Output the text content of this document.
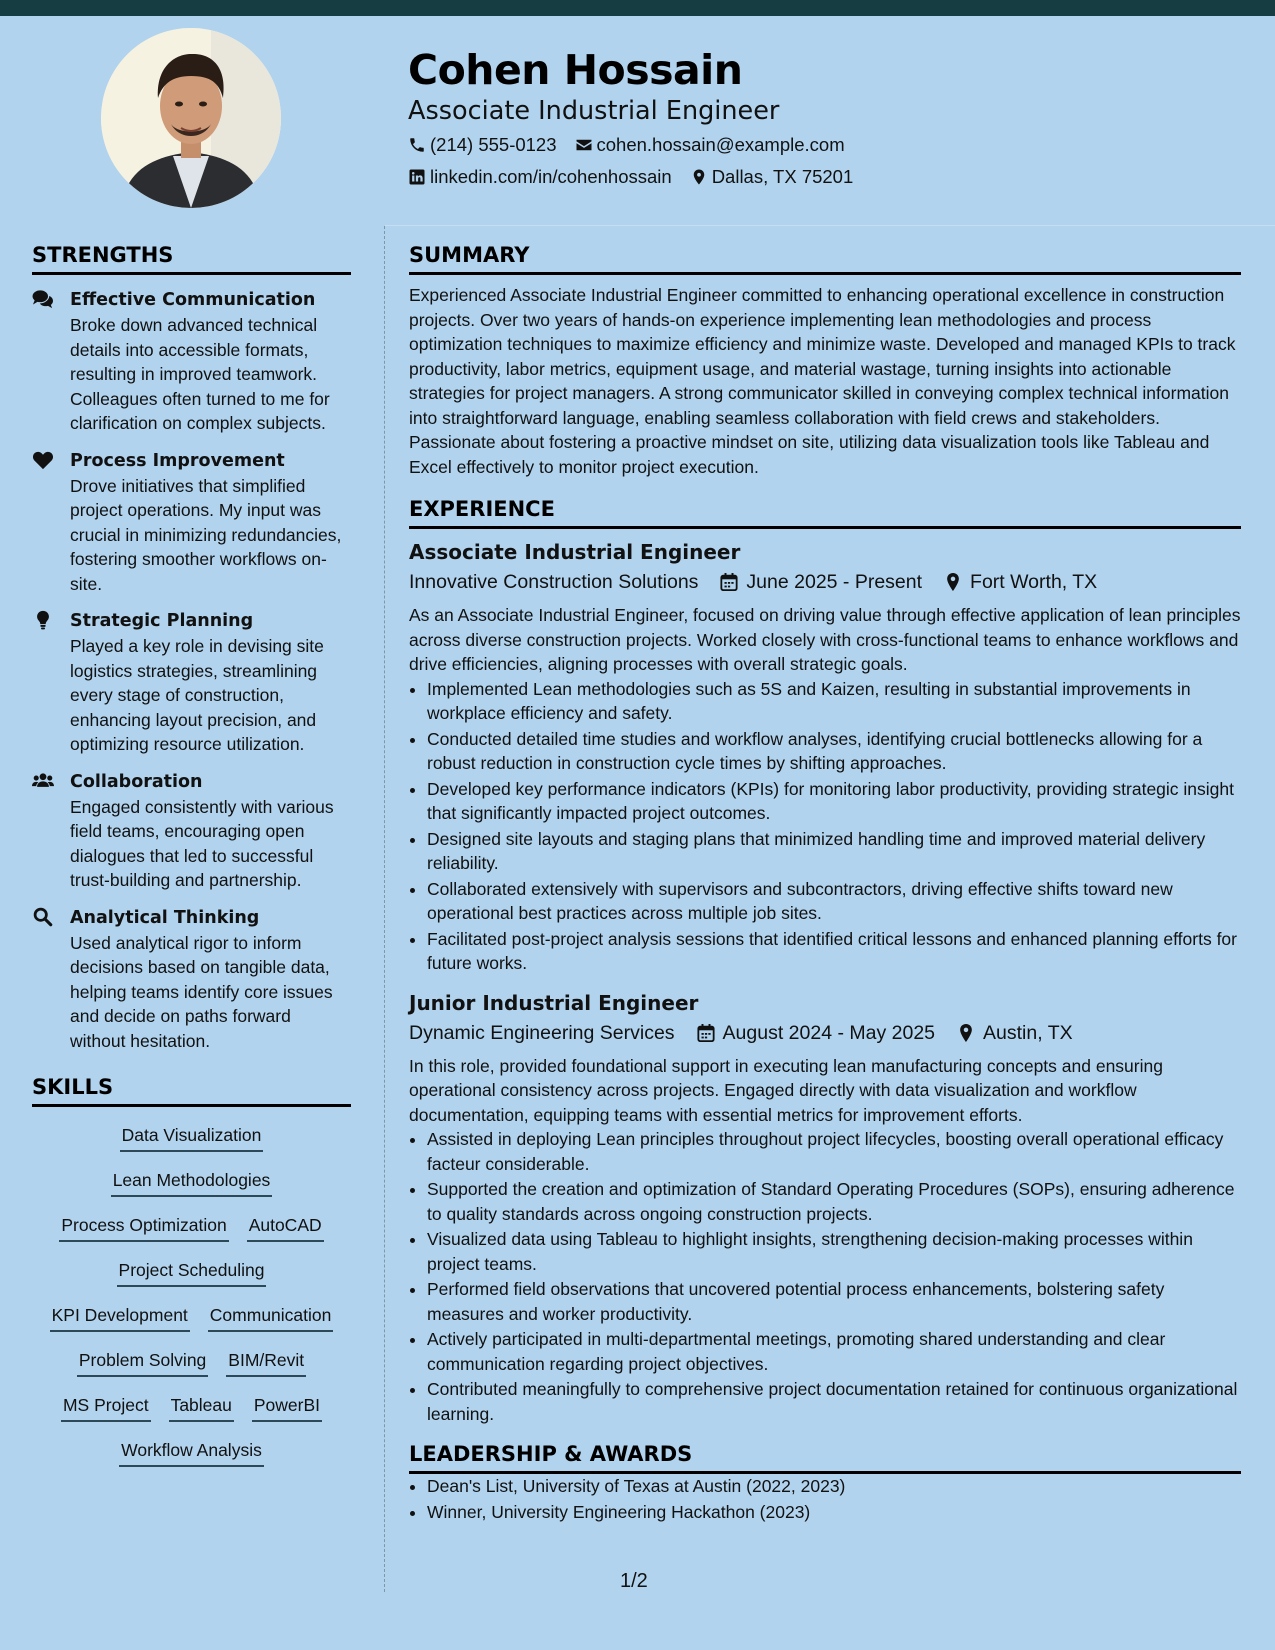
Cohen Hossain
Associate Industrial Engineer
(214) 555-0123 cohen.hossain@example.com
linkedin.com/in/cohenhossain Dallas, TX 75201
STRENGTHS
Effective Communication
Broke down advanced technical details into accessible formats, resulting in improved teamwork. Colleagues often turned to me for clarification on complex subjects.
Process Improvement
Drove initiatives that simplified project operations. My input was crucial in minimizing redundancies, fostering smoother workflows on-site.
Strategic Planning
Played a key role in devising site logistics strategies, streamlining every stage of construction, enhancing layout precision, and optimizing resource utilization.
Collaboration
Engaged consistently with various field teams, encouraging open dialogues that led to successful trust-building and partnership.
Analytical Thinking
Used analytical rigor to inform decisions based on tangible data, helping teams identify core issues and decide on paths forward without hesitation.
SKILLS
Data Visualization
Lean Methodologies
Process Optimization AutoCAD
Project Scheduling
KPI Development Communication
Problem Solving BIM/Revit
MS Project Tableau PowerBI
Workflow Analysis
SUMMARY

Experienced Associate Industrial Engineer committed to enhancing operational excellence in construction projects. Over two years of hands-on experience implementing lean methodologies and process optimization techniques to maximize efficiency and minimize waste. Developed and managed KPIs to track productivity, labor metrics, equipment usage, and material wastage, turning insights into actionable strategies for project managers. A strong communicator skilled in conveying complex technical information into straightforward language, enabling seamless collaboration with field crews and stakeholders. Passionate about fostering a proactive mindset on site, utilizing data visualization tools like Tableau and Excel effectively to monitor project execution.

EXPERIENCE
Associate Industrial Engineer
Innovative Construction Solutions June 2025 - Present Fort Worth, TX

As an Associate Industrial Engineer, focused on driving value through effective application of lean principles across diverse construction projects. Worked closely with cross-functional teams to enhance workflows and drive efficiencies, aligning processes with overall strategic goals.

• Implemented Lean methodologies such as 5S and Kaizen, resulting in substantial improvements in workplace efficiency and safety.
• Conducted detailed time studies and workflow analyses, identifying crucial bottlenecks allowing for a robust reduction in construction cycle times by shifting approaches.
• Developed key performance indicators (KPIs) for monitoring labor productivity, providing strategic insight that significantly impacted project outcomes.
• Designed site layouts and staging plans that minimized handling time and improved material delivery reliability.
• Collaborated extensively with supervisors and subcontractors, driving effective shifts toward new operational best practices across multiple job sites.
• Facilitated post-project analysis sessions that identified critical lessons and enhanced planning efforts for future works.
Junior Industrial Engineer
Dynamic Engineering Services August 2024 - May 2025 Austin, TX

In this role, provided foundational support in executing lean manufacturing concepts and ensuring operational consistency across projects. Engaged directly with data visualization and workflow documentation, equipping teams with essential metrics for improvement efforts.

• Assisted in deploying Lean principles throughout project lifecycles, boosting overall operational efficacy facteur considerable.
• Supported the creation and optimization of Standard Operating Procedures (SOPs), ensuring adherence to quality standards across ongoing construction projects.
• Visualized data using Tableau to highlight insights, strengthening decision-making processes within project teams.
• Performed field observations that uncovered potential process enhancements, bolstering safety measures and worker productivity.
• Actively participated in multi-departmental meetings, promoting shared understanding and clear communication regarding project objectives.
• Contributed meaningfully to comprehensive project documentation retained for continuous organizational learning.
LEADERSHIP & AWARDS
• Dean's List, University of Texas at Austin (2022, 2023)
• Winner, University Engineering Hackathon (2023)
1/2
